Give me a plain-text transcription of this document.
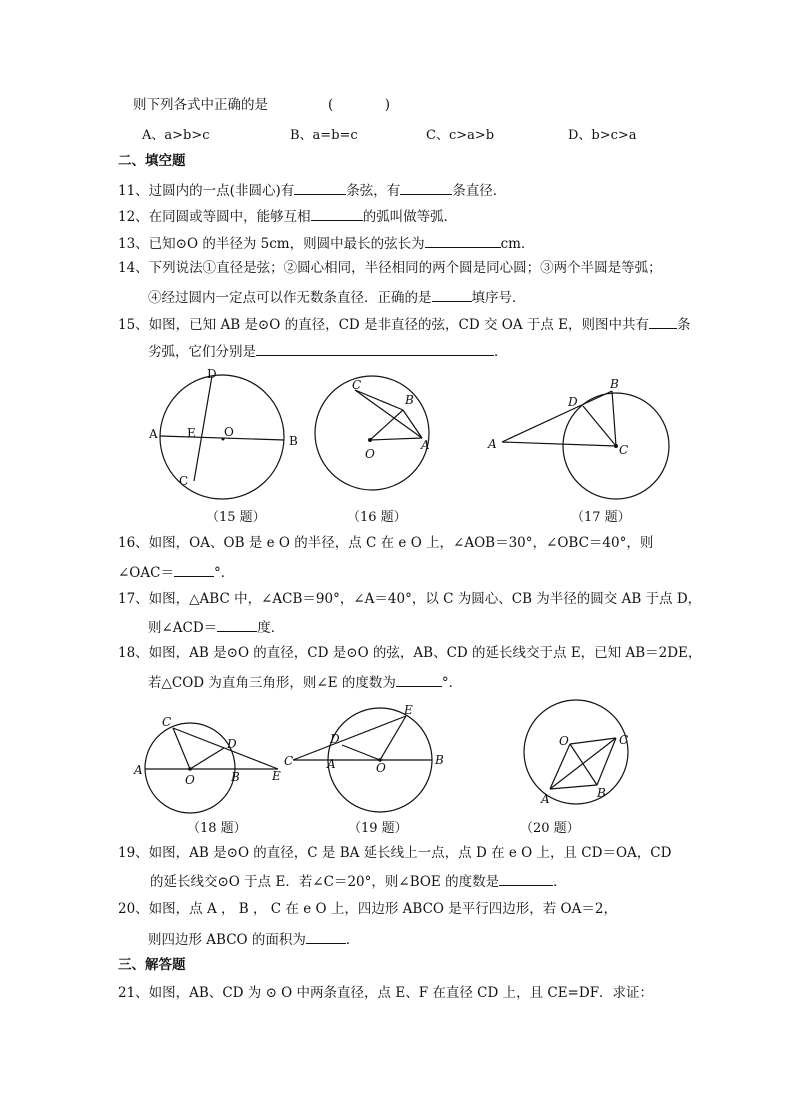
则下列各式中正确的是	(            )
A、a>b>c	B、a=b=c	C、c>a>b	D、b>c>a
二、填空题
11、过圆内的一点(非圆心)有	条弦，有	条直径．
12、在同圆或等圆中，能够互相	的弧叫做等弧．
13、已知⊙O 的半径为 5cm，则圆中最长的弦长为	cm．
14、下列说法①直径是弦；②圆心相同，半径相同的两个圆是同心圆；③两个半圆是等弧；
④经过圆内一定点可以作无数条直径．正确的是	填序号．
15、如图，已知 AB 是⊙O 的直径，CD 是非直径的弦，CD 交 OA 于点 E，则图中共有 条
劣弧，它们分别是	．
D
A E O
B
C
（15 题）
C
B
O
A
（16 题）
B
D
A	C
（17 题）
16、如图，OA、OB 是 e O 的半径，点 C 在 e O 上，∠AOB＝30°，∠OBC＝40°，则
∠OAC＝	°．
17、如图，△ABC 中，∠ACB＝90°，∠A＝40°，以 C 为圆心、CB 为半径的圆交 AB 于点 D，
则∠ACD＝	度．
18、如图，AB 是⊙O 的直径，CD 是⊙O 的弦，AB、CD 的延长线交于点 E，已知 AB＝2DE，
若△COD 为直角三角形，则∠E 的度数为	°．
C
D
A
O	B	E
（18 题）
E
D
C	A	O
B
（19 题）
O	C
A	B
（20 题）
19、如图，AB 是⊙O 的直径，C 是 BA 延长线上一点，点 D 在 e O 上，且 CD＝OA，CD
的延长线交⊙O 于点 E．若∠C＝20°，则∠BOE 的度数是	．
20、如图，点 A ， B ， C 在 e O 上，四边形 ABCO 是平行四边形，若 OA＝2，
则四边形 ABCO 的面积为	．
三、解答题
21、如图，AB、CD 为 ⊙ O 中两条直径，点 E、F 在直径 CD 上，且 CE=DF．求证：
